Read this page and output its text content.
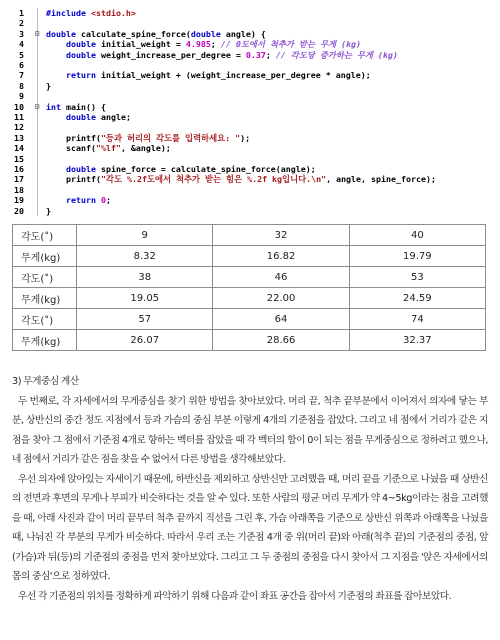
1	#include <stdio.h>
2
3	⊟ double calculate_spine_force(double angle) {
4	double initial_weight = 4.985; // 0도에서 척추가 받는 무게 (kg)
5	double weight_increase_per_degree = 0.37; // 각도당 증가하는 무게 (kg)
6
7	return initial_weight + (weight_increase_per_degree * angle);
8	}
9
10	⊟ int main() {
11	double angle;
12
13	printf("등과 허리의 각도를 입력하세요: ");
14	scanf("%lf", &angle);
15
16	double spine_force = calculate_spine_force(angle);
17	printf("각도 %.2f도에서 척추가 받는 힘은 %.2f kg입니다.\n", angle, spine_force);
18
19	return 0;
20	}
각도(˚)	9	32	40
무게(kg)	8.32	16.82	19.79
각도(˚)	38	46	53
무게(kg)	19.05	22.00	24.59
각도(˚)	57	64	74
무게(kg)	26.07	28.66	32.37

3) 무게중심 계산

두 번째로, 각 자세에서의 무게중심을 찾기 위한 방법을 찾아보았다. 머리 끝, 척추 끝부분에서 이어져서 의자에 닿는 부분, 상반신의 중간 정도 지점에서 등과 가슴의 중심 부분 이렇게 4개의 기준점을 잡았다. 그리고 네 점에서 거리가 같은 지점을 찾아 그 점에서 기준점 4개로 향하는 벡터를 잡았을 때 각 벡터의 합이 0이 되는 점을 무게중심으로 정하려고 했으나, 네 점에서 거리가 같은 점을 찾을 수 없어서 다른 방법을 생각해보았다.

우선 의자에 앉아있는 자세이기 때문에, 하반신을 제외하고 상반신만 고려했을 때, 머리 끝을 기준으로 나눴을 때 상반신의 전면과 후면의 무게나 부피가 비슷하다는 것을 알 수 있다. 또한 사람의 평균 머리 무게가 약 4~5kg이라는 점을 고려했을 때, 아래 사진과 같이 머리 끝부터 척추 끝까지 직선을 그린 후, 가슴 아래쪽을 기준으로 상반신 위쪽과 아래쪽을 나눴을 때, 나눠진 각 부분의 무게가 비슷하다. 따라서 우리 조는 기준점 4개 중 위(머리 끝)와 아래(척추 끝)의 기준점의 중점, 앞(가슴)과 뒤(등)의 기준점의 중점을 먼저 찾아보았다. 그리고 그 두 중점의 중점을 다시 찾아서 그 지점을 '앉은 자세에서의 몸의 중심'으로 정하였다.

우선 각 기준점의 위치를 정확하게 파악하기 위해 다음과 같이 좌표 공간을 잡아서 기준점의 좌표를 잡아보았다.
